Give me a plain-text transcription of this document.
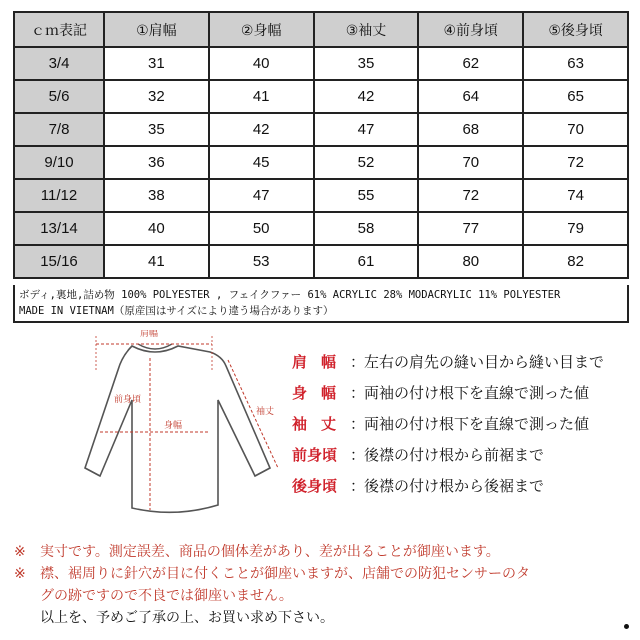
ｃｍ表記	①肩幅	②身幅	③袖丈	④前身頃	⑤後身頃
3/4	31	40	35	62	63
5/6	32	41	42	64	65
7/8	35	42	47	68	70
9/10	36	45	52	70	72
11/12	38	47	55	72	74
13/14	40	50	58	77	79
15/16	41	53	61	80	82
ボディ,裏地,詰め物 100% POLYESTER , フェイクファー 61% ACRYLIC 28% MODACRYLIC 11% POLYESTER
MADE IN VIETNAM（原産国はサイズにより違う場合があります）
肩幅
前身頃
身幅
袖丈
肩幅 ：
左右の肩先の縫い目から縫い目まで
身幅 ：
両袖の付け根下を直線で測った値
袖丈 ：
両袖の付け根下を直線で測った値
前身頃 ：
後襟の付け根から前裾まで
後身頃 ：
後襟の付け根から後裾まで
※ 実寸です。測定誤差、商品の個体差があり、差が出ることが御座います。
※ 襟、裾周りに針穴が目に付くことが御座いますが、店舗での防犯センサーのタ
グの跡ですので不良では御座いません。
以上を、予めご了承の上、お買い求め下さい。
